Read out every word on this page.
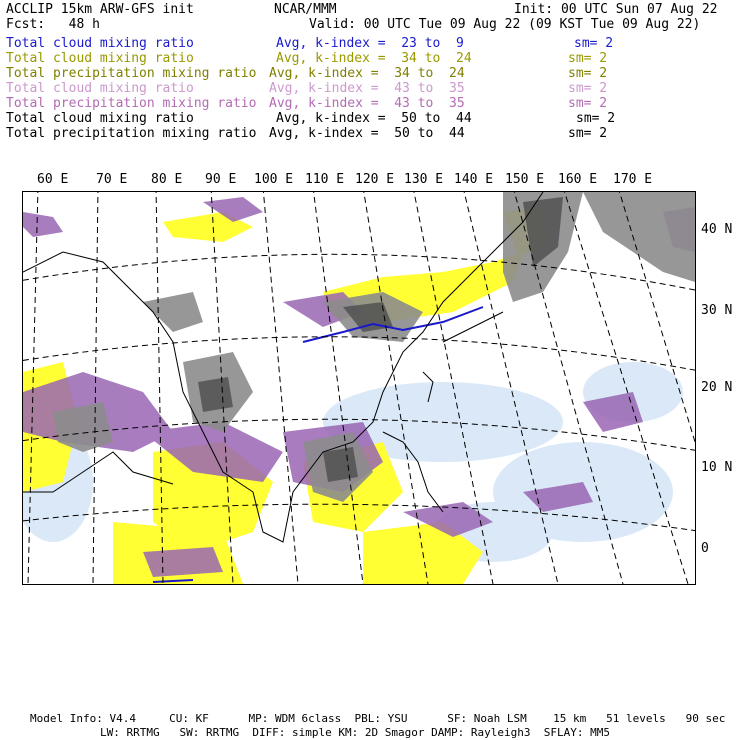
ACCLIP 15km ARW-GFS init	NCAR/MMM	Init: 00 UTC Sun 07 Aug 22
Fcst:   48 h	Valid: 00 UTC Tue 09 Aug 22 (09 KST Tue 09 Aug 22)
Total cloud mixing ratio	Avg, k-index =  23 to  9	sm= 2
Total cloud mixing ratio	Avg, k-index =  34 to  24	sm= 2
Total precipitation mixing ratio Avg, k-index =  34 to  24	sm= 2
Total cloud mixing ratio	Avg, k-index =  43 to  35	sm= 2
Total precipitation mixing ratio Avg, k-index =  43 to  35	sm= 2
Total cloud mixing ratio	Avg, k-index =  50 to  44	sm= 2
Total precipitation mixing ratio Avg, k-index =  50 to  44	sm= 2
60 E 70 E 80 E 90 E 100 E 110 E 120 E 130 E 140 E 150 E 160 E 170 E
40 N
30 N
20 N
10 N
0
Model Info: V4.4     CU: KF      MP: WDM 6class  PBL: YSU      SF: Noah LSM    15 km   51 levels   90 sec
LW: RRTMG   SW: RRTMG  DIFF: simple KM: 2D Smagor DAMP: Rayleigh3  SFLAY: MM5
